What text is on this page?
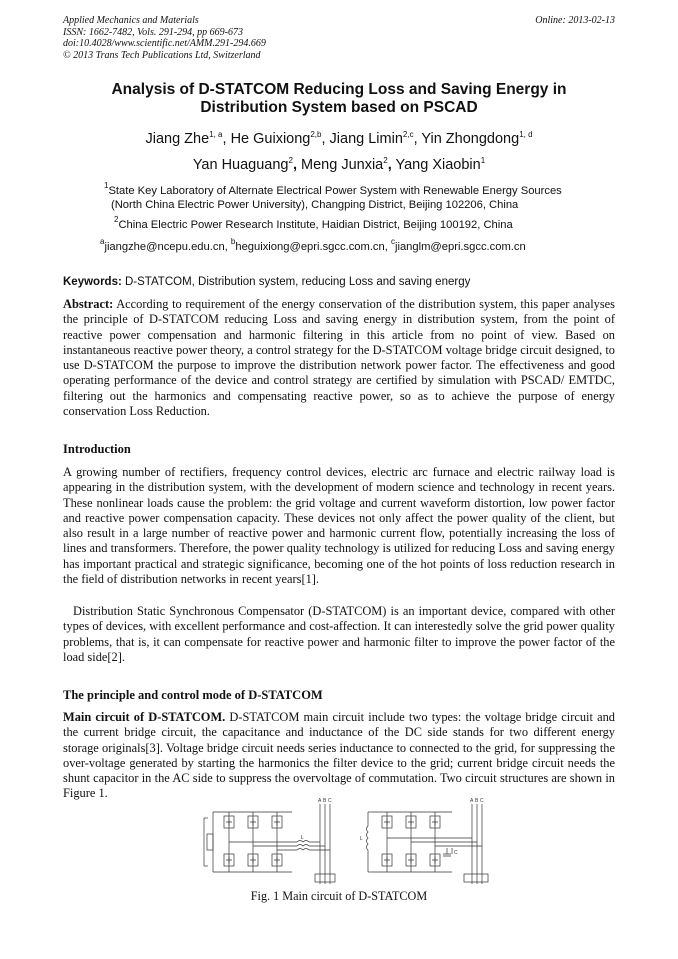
Applied Mechanics and Materials
ISSN: 1662-7482, Vols. 291-294, pp 669-673
doi:10.4028/www.scientific.net/AMM.291-294.669
© 2013 Trans Tech Publications Ltd, Switzerland
Online: 2013-02-13
Analysis of D-STATCOM Reducing Loss and Saving Energy in
Distribution System based on PSCAD
Jiang Zhe$^{1, a}$, He Guixiong$^{2,b}$, Jiang Limin$^{2,c}$, Yin Zhongdong$^{1, d}$
Yan Huaguang$^2$, Meng Junxia$^2$, Yang Xiaobin$^1$
$^1$State Key Laboratory of Alternate Electrical Power System with Renewable Energy Sources
(North China Electric Power University), Changping District, Beijing 102206, China
$^2$China Electric Power Research Institute, Haidian District, Beijing 100192, China
$^a$jiangzhe@ncepu.edu.cn, $^b$heguixiong@epri.sgcc.com.cn, $^c$jianglm@epri.sgcc.com.cn
Keywords: D-STATCOM, Distribution system, reducing Loss and saving energy
Abstract: According to requirement of the energy conservation of the distribution system, this paper analyses the principle of D-STATCOM reducing Loss and saving energy in distribution system, from the point of reactive power compensation and harmonic filtering in this article from no point of view. Based on instantaneous reactive power theory, a control strategy for the D-STATCOM voltage bridge circuit designed, to use D-STATCOM the purpose to improve the distribution network power factor. The effectiveness and good operating performance of the device and control strategy are certified by simulation with PSCAD/ EMTDC, filtering out the harmonics and compensating reactive power, so as to achieve the purpose of energy conservation Loss Reduction.
Introduction
A growing number of rectifiers, frequency control devices, electric arc furnace and electric railway load is appearing in the distribution system, with the development of modern science and technology in recent years. These nonlinear loads cause the problem: the grid voltage and current waveform distortion, low power factor and reactive power compensation capacity. These devices not only affect the power quality of the client, but also result in a large number of reactive power and harmonic current flow, potentially increasing the loss of lines and transformers. Therefore, the power quality technology is utilized for reducing Loss and saving energy has important practical and strategic significance, becoming one of the hot points of loss reduction research in the field of distribution networks in recent years[1].
Distribution Static Synchronous Compensator (D-STATCOM) is an important device, compared with other types of devices, with excellent performance and cost-affection. It can interestedly solve the grid power quality problems, that is, it can compensate for reactive power and harmonic filter to improve the power factor of the load side[2].
The principle and control mode of D-STATCOM
Main circuit of D-STATCOM. D-STATCOM main circuit include two types: the voltage bridge circuit and the current bridge circuit, the capacitance and inductance of the DC side stands for two different energy storage originals[3]. Voltage bridge circuit needs series inductance to connected to the grid, for suppressing the over-voltage generated by starting the harmonics the filter device to the grid; current bridge circuit needs the shunt capacitor in the AC side to suppress the overvoltage of commutation. Two circuit structures are shown in Figure 1.
A B C
L
A B C
L
C
Fig. 1 Main circuit of D-STATCOM
